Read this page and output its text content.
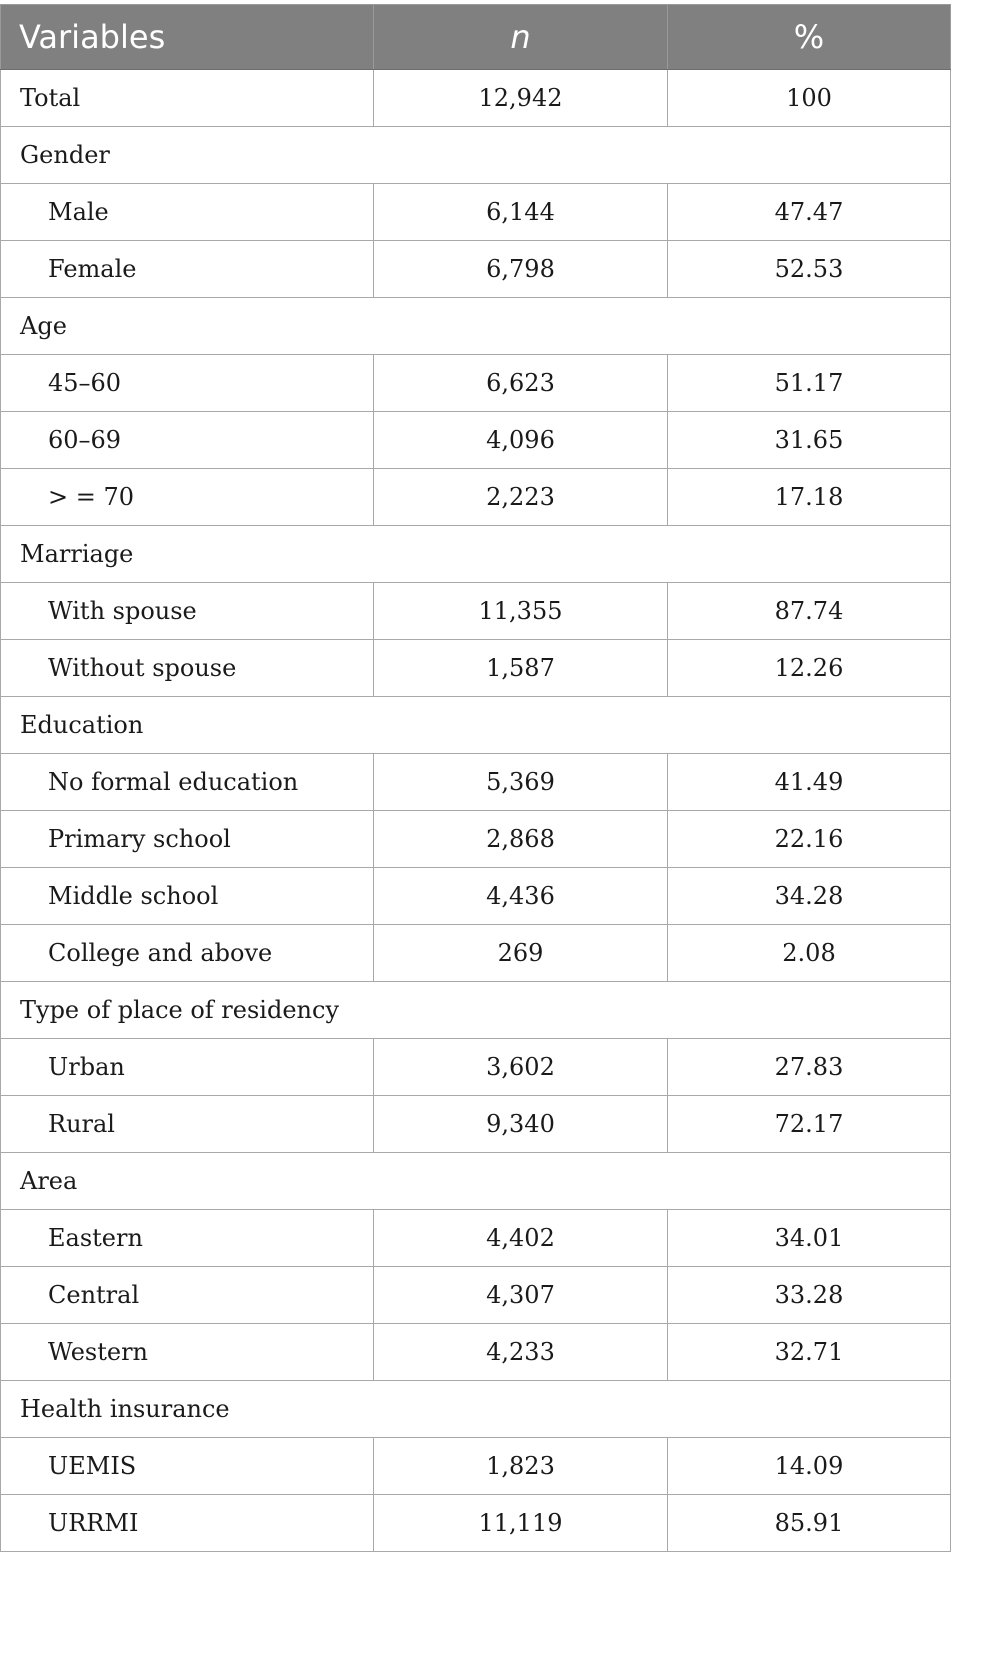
Variables	n	%
Total	12,942	100
Gender		
Male	6,144	47.47
Female	6,798	52.53
Age		
45–60	6,623	51.17
60–69	4,096	31.65
> = 70	2,223	17.18
Marriage		
With spouse	11,355	87.74
Without spouse	1,587	12.26
Education		
No formal education	5,369	41.49
Primary school	2,868	22.16
Middle school	4,436	34.28
College and above	269	2.08
Type of place of residency		
Urban	3,602	27.83
Rural	9,340	72.17
Area		
Eastern	4,402	34.01
Central	4,307	33.28
Western	4,233	32.71
Health insurance		
UEMIS	1,823	14.09
URRMI	11,119	85.91
